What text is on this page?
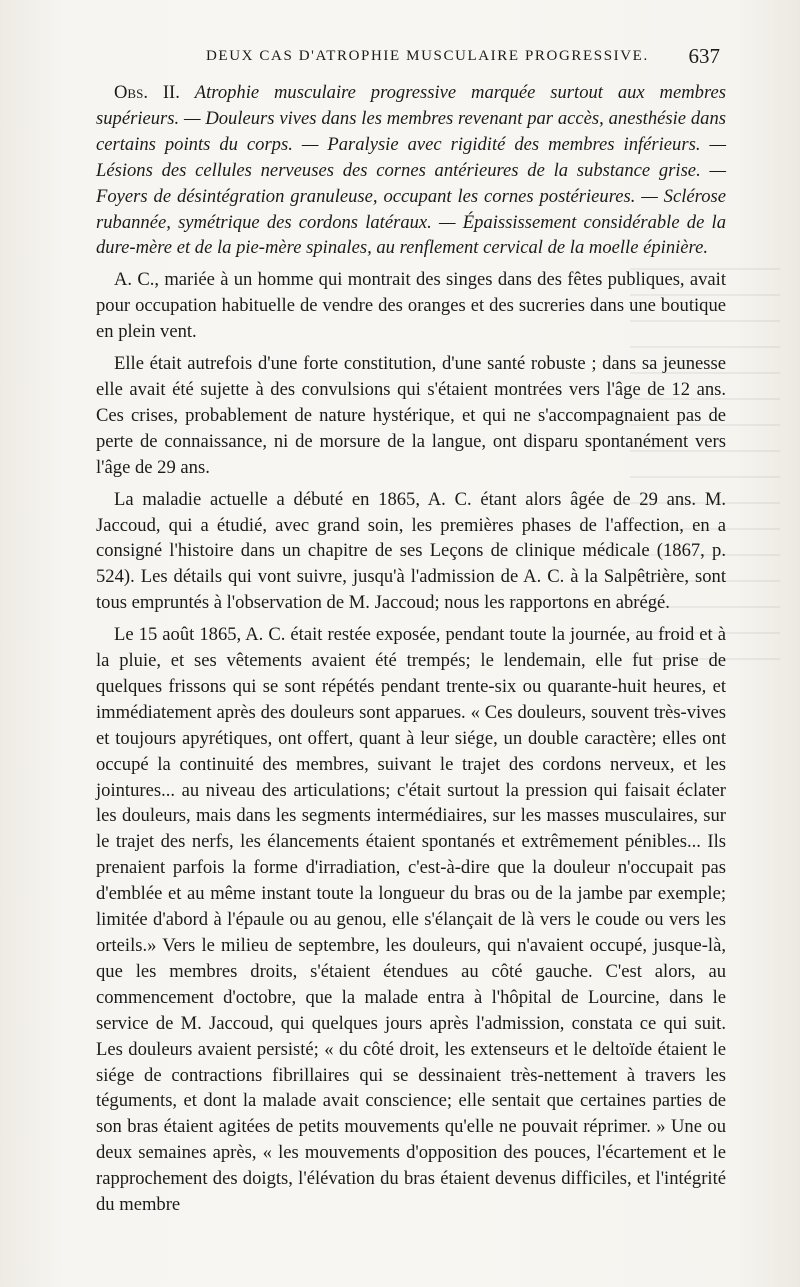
DEUX CAS D'ATROPHIE MUSCULAIRE PROGRESSIVE. 637

Obs. II. Atrophie musculaire progressive marquée surtout aux membres supérieurs. — Douleurs vives dans les membres revenant par accès, anesthésie dans certains points du corps. — Paralysie avec rigidité des membres inférieurs. — Lésions des cellules nerveuses des cornes antérieures de la substance grise. — Foyers de désintégration granuleuse, occupant les cornes postérieures. — Sclérose rubannée, symétrique des cordons latéraux. — Épaississement considérable de la dure-mère et de la pie-mère spinales, au renflement cervical de la moelle épinière.

A. C., mariée à un homme qui montrait des singes dans des fêtes publiques, avait pour occupation habituelle de vendre des oranges et des sucreries dans une boutique en plein vent.

Elle était autrefois d'une forte constitution, d'une santé robuste ; dans sa jeunesse elle avait été sujette à des convulsions qui s'étaient montrées vers l'âge de 12 ans. Ces crises, probablement de nature hystérique, et qui ne s'accompagnaient pas de perte de connaissance, ni de morsure de la langue, ont disparu spontanément vers l'âge de 29 ans.

La maladie actuelle a débuté en 1865, A. C. étant alors âgée de 29 ans. M. Jaccoud, qui a étudié, avec grand soin, les premières phases de l'affection, en a consigné l'histoire dans un chapitre de ses Leçons de clinique médicale (1867, p. 524). Les détails qui vont suivre, jusqu'à l'admission de A. C. à la Salpêtrière, sont tous empruntés à l'observation de M. Jaccoud; nous les rapportons en abrégé.

Le 15 août 1865, A. C. était restée exposée, pendant toute la journée, au froid et à la pluie, et ses vêtements avaient été trempés; le lendemain, elle fut prise de quelques frissons qui se sont répétés pendant trente-six ou quarante-huit heures, et immédiatement après des douleurs sont apparues. « Ces douleurs, souvent très-vives et toujours apyrétiques, ont offert, quant à leur siége, un double caractère; elles ont occupé la continuité des membres, suivant le trajet des cordons nerveux, et les jointures... au niveau des articulations; c'était surtout la pression qui faisait éclater les douleurs, mais dans les segments intermédiaires, sur les masses musculaires, sur le trajet des nerfs, les élancements étaient spontanés et extrêmement pénibles... Ils prenaient parfois la forme d'irradiation, c'est-à-dire que la douleur n'occupait pas d'emblée et au même instant toute la longueur du bras ou de la jambe par exemple; limitée d'abord à l'épaule ou au genou, elle s'élançait de là vers le coude ou vers les orteils.» Vers le milieu de septembre, les douleurs, qui n'avaient occupé, jusque-là, que les membres droits, s'étaient étendues au côté gauche. C'est alors, au commencement d'octobre, que la malade entra à l'hôpital de Lourcine, dans le service de M. Jaccoud, qui quelques jours après l'admission, constata ce qui suit. Les douleurs avaient persisté; « du côté droit, les extenseurs et le deltoïde étaient le siége de contractions fibrillaires qui se dessinaient très-nettement à travers les téguments, et dont la malade avait conscience; elle sentait que certaines parties de son bras étaient agitées de petits mouvements qu'elle ne pouvait réprimer. » Une ou deux semaines après, « les mouvements d'opposition des pouces, l'écartement et le rapprochement des doigts, l'élévation du bras étaient devenus difficiles, et l'intégrité du membre
